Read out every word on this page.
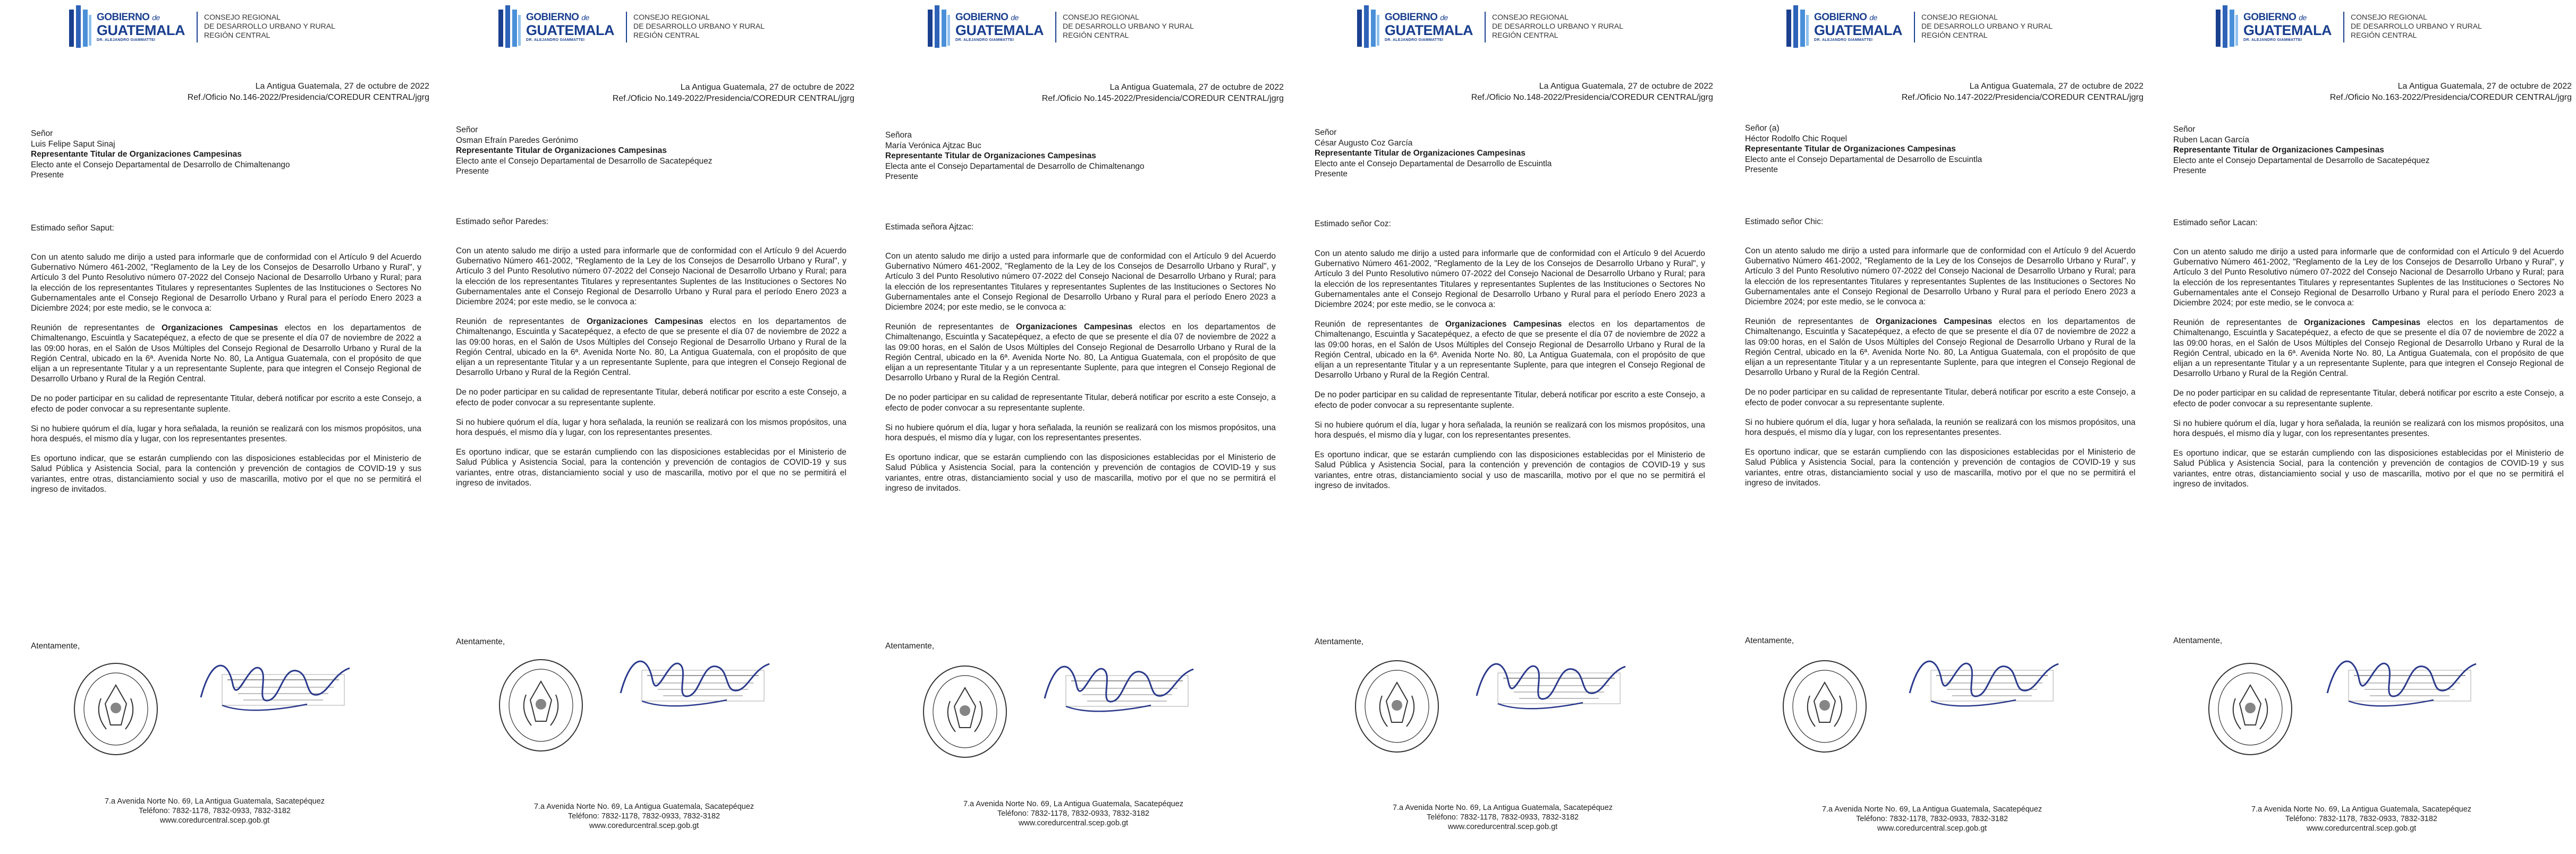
GOBIERNO de
GUATEMALA
DR. ALEJANDRO GIAMMATTEI
CONSEJO REGIONAL
DE DESARROLLO URBANO Y RURAL
REGIÓN CENTRAL
La Antigua Guatemala, 27 de octubre de 2022
Ref./Oficio No.146-2022/Presidencia/COREDUR CENTRAL/jgrg
Señor
Luis Felipe Saput Sinaj
Representante Titular de Organizaciones Campesinas
Electo ante el Consejo Departamental de Desarrollo de Chimaltenango
Presente
Estimado señor Saput:

Con un atento saludo me dirijo a usted para informarle que de conformidad con el Artículo 9 del Acuerdo Gubernativo Número 461-2002, "Reglamento de la Ley de los Consejos de Desarrollo Urbano y Rural", y Artículo 3 del Punto Resolutivo número 07-2022 del Consejo Nacional de Desarrollo Urbano y Rural; para la elección de los representantes Titulares y representantes Suplentes de las Instituciones o Sectores No Gubernamentales ante el Consejo Regional de Desarrollo Urbano y Rural para el período Enero 2023 a Diciembre 2024; por este medio, se le convoca a:

Reunión de representantes de Organizaciones Campesinas electos en los departamentos de Chimaltenango, Escuintla y Sacatepéquez, a efecto de que se presente el día 07 de noviembre de 2022 a las 09:00 horas, en el Salón de Usos Múltiples del Consejo Regional de Desarrollo Urbano y Rural de la Región Central, ubicado en la 6ª. Avenida Norte No. 80, La Antigua Guatemala, con el propósito de que elijan a un representante Titular y a un representante Suplente, para que integren el Consejo Regional de Desarrollo Urbano y Rural de la Región Central.

De no poder participar en su calidad de representante Titular, deberá notificar por escrito a este Consejo, a efecto de poder convocar a su representante suplente.

Si no hubiere quórum el día, lugar y hora señalada, la reunión se realizará con los mismos propósitos, una hora después, el mismo día y lugar, con los representantes presentes.

Es oportuno indicar, que se estarán cumpliendo con las disposiciones establecidas por el Ministerio de Salud Pública y Asistencia Social, para la contención y prevención de contagios de COVID-19 y sus variantes, entre otras, distanciamiento social y uso de mascarilla, motivo por el que no se permitirá el ingreso de invitados.

Atentamente,
7.a Avenida Norte No. 69, La Antigua Guatemala, Sacatepéquez
Teléfono: 7832-1178, 7832-0933, 7832-3182
www.coredurcentral.scep.gob.gt
GOBIERNO de
GUATEMALA
DR. ALEJANDRO GIAMMATTEI
CONSEJO REGIONAL
DE DESARROLLO URBANO Y RURAL
REGIÓN CENTRAL
La Antigua Guatemala, 27 de octubre de 2022
Ref./Oficio No.149-2022/Presidencia/COREDUR CENTRAL/jgrg
Señor
Osman Efraín Paredes Gerónimo
Representante Titular de Organizaciones Campesinas
Electo ante el Consejo Departamental de Desarrollo de Sacatepéquez
Presente
Estimado señor Paredes:

Con un atento saludo me dirijo a usted para informarle que de conformidad con el Artículo 9 del Acuerdo Gubernativo Número 461-2002, "Reglamento de la Ley de los Consejos de Desarrollo Urbano y Rural", y Artículo 3 del Punto Resolutivo número 07-2022 del Consejo Nacional de Desarrollo Urbano y Rural; para la elección de los representantes Titulares y representantes Suplentes de las Instituciones o Sectores No Gubernamentales ante el Consejo Regional de Desarrollo Urbano y Rural para el período Enero 2023 a Diciembre 2024; por este medio, se le convoca a:

Reunión de representantes de Organizaciones Campesinas electos en los departamentos de Chimaltenango, Escuintla y Sacatepéquez, a efecto de que se presente el día 07 de noviembre de 2022 a las 09:00 horas, en el Salón de Usos Múltiples del Consejo Regional de Desarrollo Urbano y Rural de la Región Central, ubicado en la 6ª. Avenida Norte No. 80, La Antigua Guatemala, con el propósito de que elijan a un representante Titular y a un representante Suplente, para que integren el Consejo Regional de Desarrollo Urbano y Rural de la Región Central.

De no poder participar en su calidad de representante Titular, deberá notificar por escrito a este Consejo, a efecto de poder convocar a su representante suplente.

Si no hubiere quórum el día, lugar y hora señalada, la reunión se realizará con los mismos propósitos, una hora después, el mismo día y lugar, con los representantes presentes.

Es oportuno indicar, que se estarán cumpliendo con las disposiciones establecidas por el Ministerio de Salud Pública y Asistencia Social, para la contención y prevención de contagios de COVID-19 y sus variantes, entre otras, distanciamiento social y uso de mascarilla, motivo por el que no se permitirá el ingreso de invitados.

Atentamente,
7.a Avenida Norte No. 69, La Antigua Guatemala, Sacatepéquez
Teléfono: 7832-1178, 7832-0933, 7832-3182
www.coredurcentral.scep.gob.gt
GOBIERNO de
GUATEMALA
DR. ALEJANDRO GIAMMATTEI
CONSEJO REGIONAL
DE DESARROLLO URBANO Y RURAL
REGIÓN CENTRAL
La Antigua Guatemala, 27 de octubre de 2022
Ref./Oficio No.145-2022/Presidencia/COREDUR CENTRAL/jgrg
Señora
María Verónica Ajtzac Buc
Representante Titular de Organizaciones Campesinas
Electa ante el Consejo Departamental de Desarrollo de Chimaltenango
Presente
Estimada señora Ajtzac:

Con un atento saludo me dirijo a usted para informarle que de conformidad con el Artículo 9 del Acuerdo Gubernativo Número 461-2002, "Reglamento de la Ley de los Consejos de Desarrollo Urbano y Rural", y Artículo 3 del Punto Resolutivo número 07-2022 del Consejo Nacional de Desarrollo Urbano y Rural; para la elección de los representantes Titulares y representantes Suplentes de las Instituciones o Sectores No Gubernamentales ante el Consejo Regional de Desarrollo Urbano y Rural para el período Enero 2023 a Diciembre 2024; por este medio, se le convoca a:

Reunión de representantes de Organizaciones Campesinas electos en los departamentos de Chimaltenango, Escuintla y Sacatepéquez, a efecto de que se presente el día 07 de noviembre de 2022 a las 09:00 horas, en el Salón de Usos Múltiples del Consejo Regional de Desarrollo Urbano y Rural de la Región Central, ubicado en la 6ª. Avenida Norte No. 80, La Antigua Guatemala, con el propósito de que elijan a un representante Titular y a un representante Suplente, para que integren el Consejo Regional de Desarrollo Urbano y Rural de la Región Central.

De no poder participar en su calidad de representante Titular, deberá notificar por escrito a este Consejo, a efecto de poder convocar a su representante suplente.

Si no hubiere quórum el día, lugar y hora señalada, la reunión se realizará con los mismos propósitos, una hora después, el mismo día y lugar, con los representantes presentes.

Es oportuno indicar, que se estarán cumpliendo con las disposiciones establecidas por el Ministerio de Salud Pública y Asistencia Social, para la contención y prevención de contagios de COVID-19 y sus variantes, entre otras, distanciamiento social y uso de mascarilla, motivo por el que no se permitirá el ingreso de invitados.

Atentamente,
7.a Avenida Norte No. 69, La Antigua Guatemala, Sacatepéquez
Teléfono: 7832-1178, 7832-0933, 7832-3182
www.coredurcentral.scep.gob.gt
GOBIERNO de
GUATEMALA
DR. ALEJANDRO GIAMMATTEI
CONSEJO REGIONAL
DE DESARROLLO URBANO Y RURAL
REGIÓN CENTRAL
La Antigua Guatemala, 27 de octubre de 2022
Ref./Oficio No.148-2022/Presidencia/COREDUR CENTRAL/jgrg
Señor
César Augusto Coz García
Representante Titular de Organizaciones Campesinas
Electo ante el Consejo Departamental de Desarrollo de Escuintla
Presente
Estimado señor Coz:

Con un atento saludo me dirijo a usted para informarle que de conformidad con el Artículo 9 del Acuerdo Gubernativo Número 461-2002, "Reglamento de la Ley de los Consejos de Desarrollo Urbano y Rural", y Artículo 3 del Punto Resolutivo número 07-2022 del Consejo Nacional de Desarrollo Urbano y Rural; para la elección de los representantes Titulares y representantes Suplentes de las Instituciones o Sectores No Gubernamentales ante el Consejo Regional de Desarrollo Urbano y Rural para el período Enero 2023 a Diciembre 2024; por este medio, se le convoca a:

Reunión de representantes de Organizaciones Campesinas electos en los departamentos de Chimaltenango, Escuintla y Sacatepéquez, a efecto de que se presente el día 07 de noviembre de 2022 a las 09:00 horas, en el Salón de Usos Múltiples del Consejo Regional de Desarrollo Urbano y Rural de la Región Central, ubicado en la 6ª. Avenida Norte No. 80, La Antigua Guatemala, con el propósito de que elijan a un representante Titular y a un representante Suplente, para que integren el Consejo Regional de Desarrollo Urbano y Rural de la Región Central.

De no poder participar en su calidad de representante Titular, deberá notificar por escrito a este Consejo, a efecto de poder convocar a su representante suplente.

Si no hubiere quórum el día, lugar y hora señalada, la reunión se realizará con los mismos propósitos, una hora después, el mismo día y lugar, con los representantes presentes.

Es oportuno indicar, que se estarán cumpliendo con las disposiciones establecidas por el Ministerio de Salud Pública y Asistencia Social, para la contención y prevención de contagios de COVID-19 y sus variantes, entre otras, distanciamiento social y uso de mascarilla, motivo por el que no se permitirá el ingreso de invitados.

Atentamente,
7.a Avenida Norte No. 69, La Antigua Guatemala, Sacatepéquez
Teléfono: 7832-1178, 7832-0933, 7832-3182
www.coredurcentral.scep.gob.gt
GOBIERNO de
GUATEMALA
DR. ALEJANDRO GIAMMATTEI
CONSEJO REGIONAL
DE DESARROLLO URBANO Y RURAL
REGIÓN CENTRAL
La Antigua Guatemala, 27 de octubre de 2022
Ref./Oficio No.147-2022/Presidencia/COREDUR CENTRAL/jgrg
Señor (a)
Héctor Rodolfo Chic Roquel
Representante Titular de Organizaciones Campesinas
Electo ante el Consejo Departamental de Desarrollo de Escuintla
Presente
Estimado señor Chic:

Con un atento saludo me dirijo a usted para informarle que de conformidad con el Artículo 9 del Acuerdo Gubernativo Número 461-2002, "Reglamento de la Ley de los Consejos de Desarrollo Urbano y Rural", y Artículo 3 del Punto Resolutivo número 07-2022 del Consejo Nacional de Desarrollo Urbano y Rural; para la elección de los representantes Titulares y representantes Suplentes de las Instituciones o Sectores No Gubernamentales ante el Consejo Regional de Desarrollo Urbano y Rural para el período Enero 2023 a Diciembre 2024; por este medio, se le convoca a:

Reunión de representantes de Organizaciones Campesinas electos en los departamentos de Chimaltenango, Escuintla y Sacatepéquez, a efecto de que se presente el día 07 de noviembre de 2022 a las 09:00 horas, en el Salón de Usos Múltiples del Consejo Regional de Desarrollo Urbano y Rural de la Región Central, ubicado en la 6ª. Avenida Norte No. 80, La Antigua Guatemala, con el propósito de que elijan a un representante Titular y a un representante Suplente, para que integren el Consejo Regional de Desarrollo Urbano y Rural de la Región Central.

De no poder participar en su calidad de representante Titular, deberá notificar por escrito a este Consejo, a efecto de poder convocar a su representante suplente.

Si no hubiere quórum el día, lugar y hora señalada, la reunión se realizará con los mismos propósitos, una hora después, el mismo día y lugar, con los representantes presentes.

Es oportuno indicar, que se estarán cumpliendo con las disposiciones establecidas por el Ministerio de Salud Pública y Asistencia Social, para la contención y prevención de contagios de COVID-19 y sus variantes, entre otras, distanciamiento social y uso de mascarilla, motivo por el que no se permitirá el ingreso de invitados.

Atentamente,
7.a Avenida Norte No. 69, La Antigua Guatemala, Sacatepéquez
Teléfono: 7832-1178, 7832-0933, 7832-3182
www.coredurcentral.scep.gob.gt
GOBIERNO de
GUATEMALA
DR. ALEJANDRO GIAMMATTEI
CONSEJO REGIONAL
DE DESARROLLO URBANO Y RURAL
REGIÓN CENTRAL
La Antigua Guatemala, 27 de octubre de 2022
Ref./Oficio No.163-2022/Presidencia/COREDUR CENTRAL/jgrg
Señor
Ruben Lacan García
Representante Titular de Organizaciones Campesinas
Electo ante el Consejo Departamental de Desarrollo de Sacatepéquez
Presente
Estimado señor Lacan:

Con un atento saludo me dirijo a usted para informarle que de conformidad con el Artículo 9 del Acuerdo Gubernativo Número 461-2002, "Reglamento de la Ley de los Consejos de Desarrollo Urbano y Rural", y Artículo 3 del Punto Resolutivo número 07-2022 del Consejo Nacional de Desarrollo Urbano y Rural; para la elección de los representantes Titulares y representantes Suplentes de las Instituciones o Sectores No Gubernamentales ante el Consejo Regional de Desarrollo Urbano y Rural para el período Enero 2023 a Diciembre 2024; por este medio, se le convoca a:

Reunión de representantes de Organizaciones Campesinas electos en los departamentos de Chimaltenango, Escuintla y Sacatepéquez, a efecto de que se presente el día 07 de noviembre de 2022 a las 09:00 horas, en el Salón de Usos Múltiples del Consejo Regional de Desarrollo Urbano y Rural de la Región Central, ubicado en la 6ª. Avenida Norte No. 80, La Antigua Guatemala, con el propósito de que elijan a un representante Titular y a un representante Suplente, para que integren el Consejo Regional de Desarrollo Urbano y Rural de la Región Central.

De no poder participar en su calidad de representante Titular, deberá notificar por escrito a este Consejo, a efecto de poder convocar a su representante suplente.

Si no hubiere quórum el día, lugar y hora señalada, la reunión se realizará con los mismos propósitos, una hora después, el mismo día y lugar, con los representantes presentes.

Es oportuno indicar, que se estarán cumpliendo con las disposiciones establecidas por el Ministerio de Salud Pública y Asistencia Social, para la contención y prevención de contagios de COVID-19 y sus variantes, entre otras, distanciamiento social y uso de mascarilla, motivo por el que no se permitirá el ingreso de invitados.

Atentamente,
7.a Avenida Norte No. 69, La Antigua Guatemala, Sacatepéquez
Teléfono: 7832-1178, 7832-0933, 7832-3182
www.coredurcentral.scep.gob.gt
